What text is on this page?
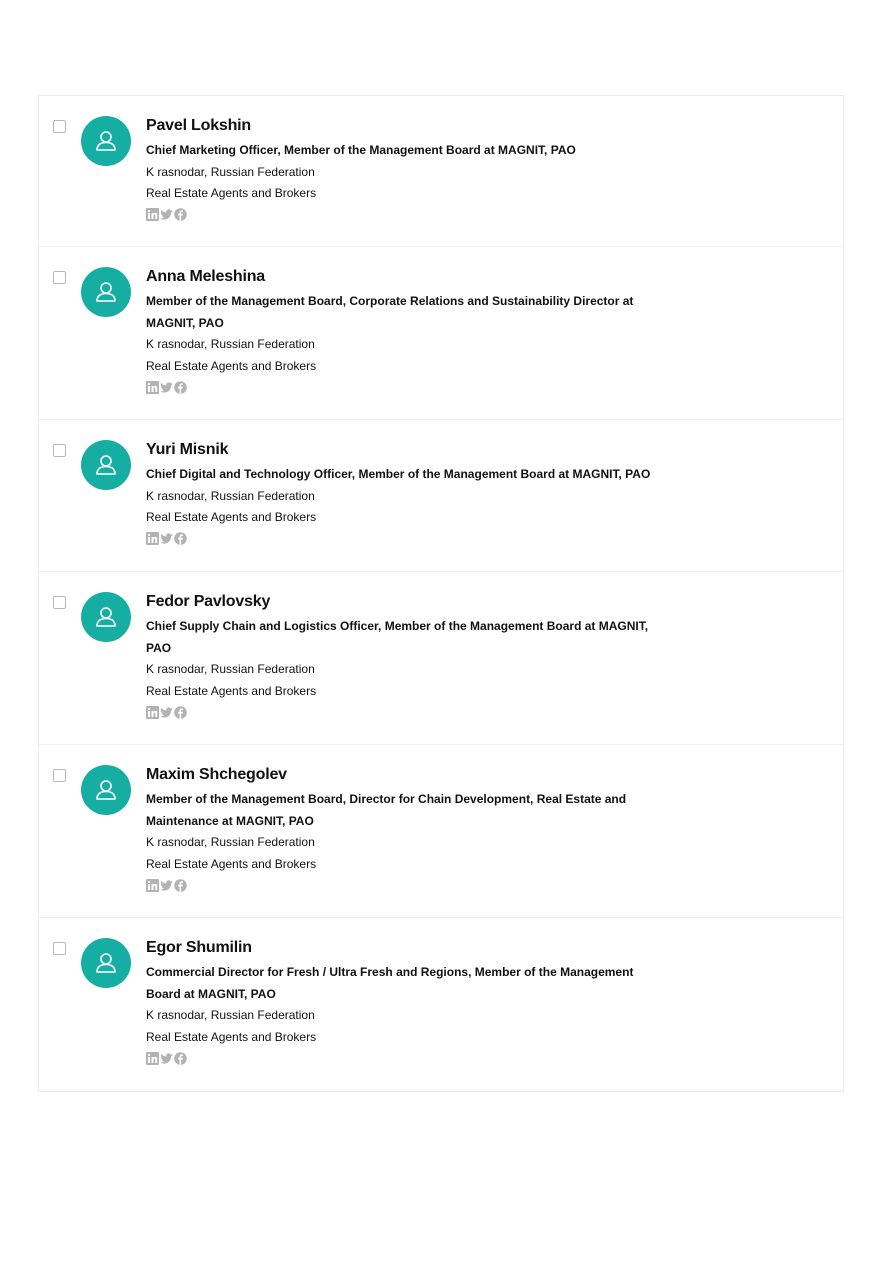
Pavel Lokshin
Chief Marketing Officer, Member of the Management Board at MAGNIT, PAO
K rasnodar, Russian Federation
Real Estate Agents and Brokers
Anna Meleshina
Member of the Management Board, Corporate Relations and Sustainability Director at
MAGNIT, PAO
K rasnodar, Russian Federation
Real Estate Agents and Brokers
Yuri Misnik
Chief Digital and Technology Officer, Member of the Management Board at MAGNIT, PAO
K rasnodar, Russian Federation
Real Estate Agents and Brokers
Fedor Pavlovsky
Chief Supply Chain and Logistics Officer, Member of the Management Board at MAGNIT,
PAO
K rasnodar, Russian Federation
Real Estate Agents and Brokers
Maxim Shchegolev
Member of the Management Board, Director for Chain Development, Real Estate and
Maintenance at MAGNIT, PAO
K rasnodar, Russian Federation
Real Estate Agents and Brokers
Egor Shumilin
Commercial Director for Fresh / Ultra Fresh and Regions, Member of the Management
Board at MAGNIT, PAO
K rasnodar, Russian Federation
Real Estate Agents and Brokers
